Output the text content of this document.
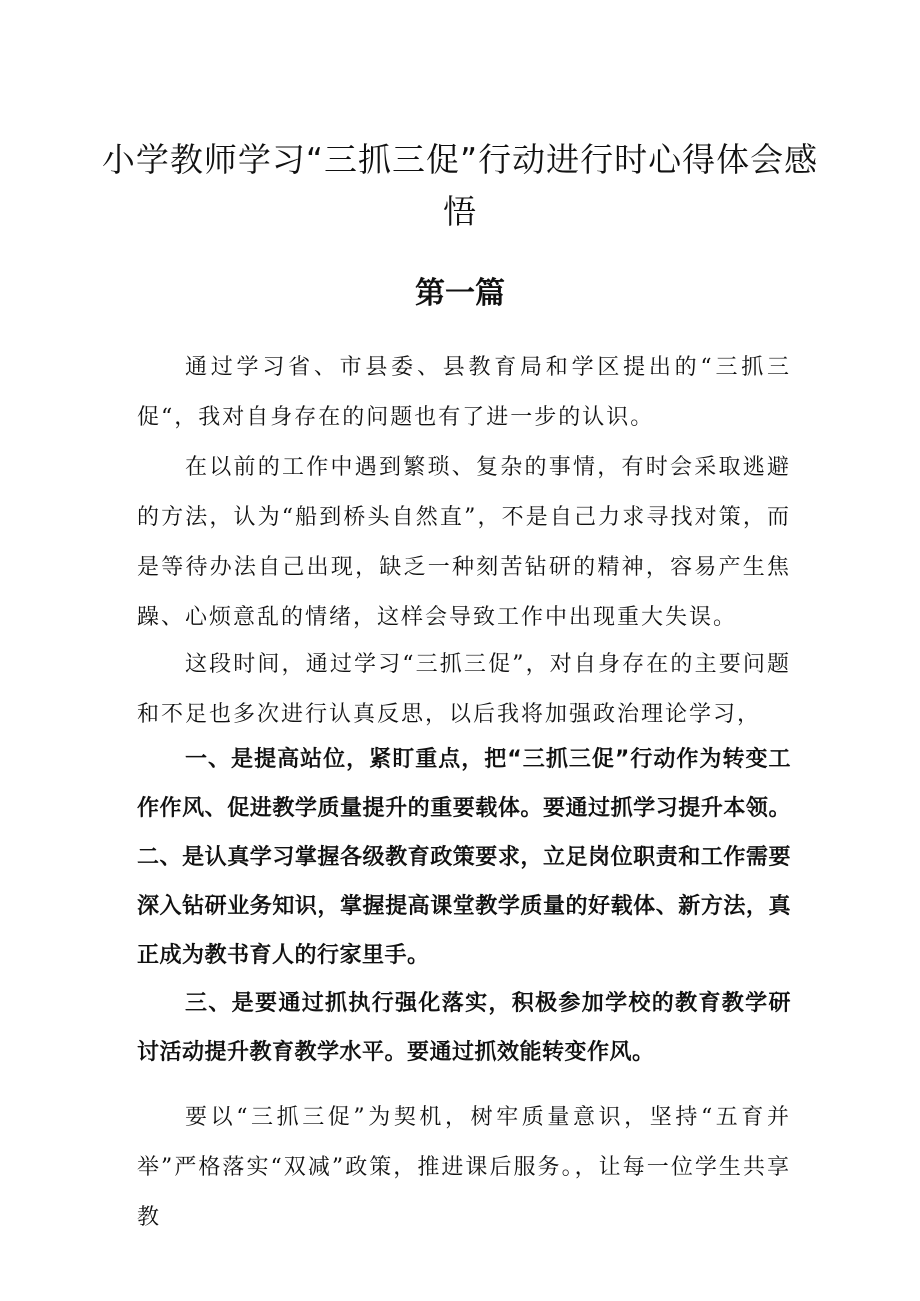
小学教师学习“三抓三促”行动进行时心得体会感悟
第一篇

通过学习省、市县委、县教育局和学区提出的“三抓三促“，我对自身存在的问题也有了进一步的认识。

在以前的工作中遇到繁琐、复杂的事情，有时会采取逃避的方法，认为“船到桥头自然直”，不是自己力求寻找对策，而是等待办法自己出现，缺乏一种刻苦钻研的精神，容易产生焦躁、心烦意乱的情绪，这样会导致工作中出现重大失误。

这段时间，通过学习“三抓三促”，对自身存在的主要问题和不足也多次进行认真反思，以后我将加强政治理论学习，

一、是提高站位，紧盯重点，把“三抓三促”行动作为转变工作作风、促进教学质量提升的重要载体。要通过抓学习提升本领。二、是认真学习掌握各级教育政策要求，立足岗位职责和工作需要深入钻研业务知识，掌握提高课堂教学质量的好载体、新方法，真正成为教书育人的行家里手。

三、是要通过抓执行强化落实，积极参加学校的教育教学研讨活动提升教育教学水平。要通过抓效能转变作风。

要以“三抓三促”为契机，树牢质量意识，坚持“五育并举”严格落实“双减”政策，推进课后服务。，让每一位学生共享教
